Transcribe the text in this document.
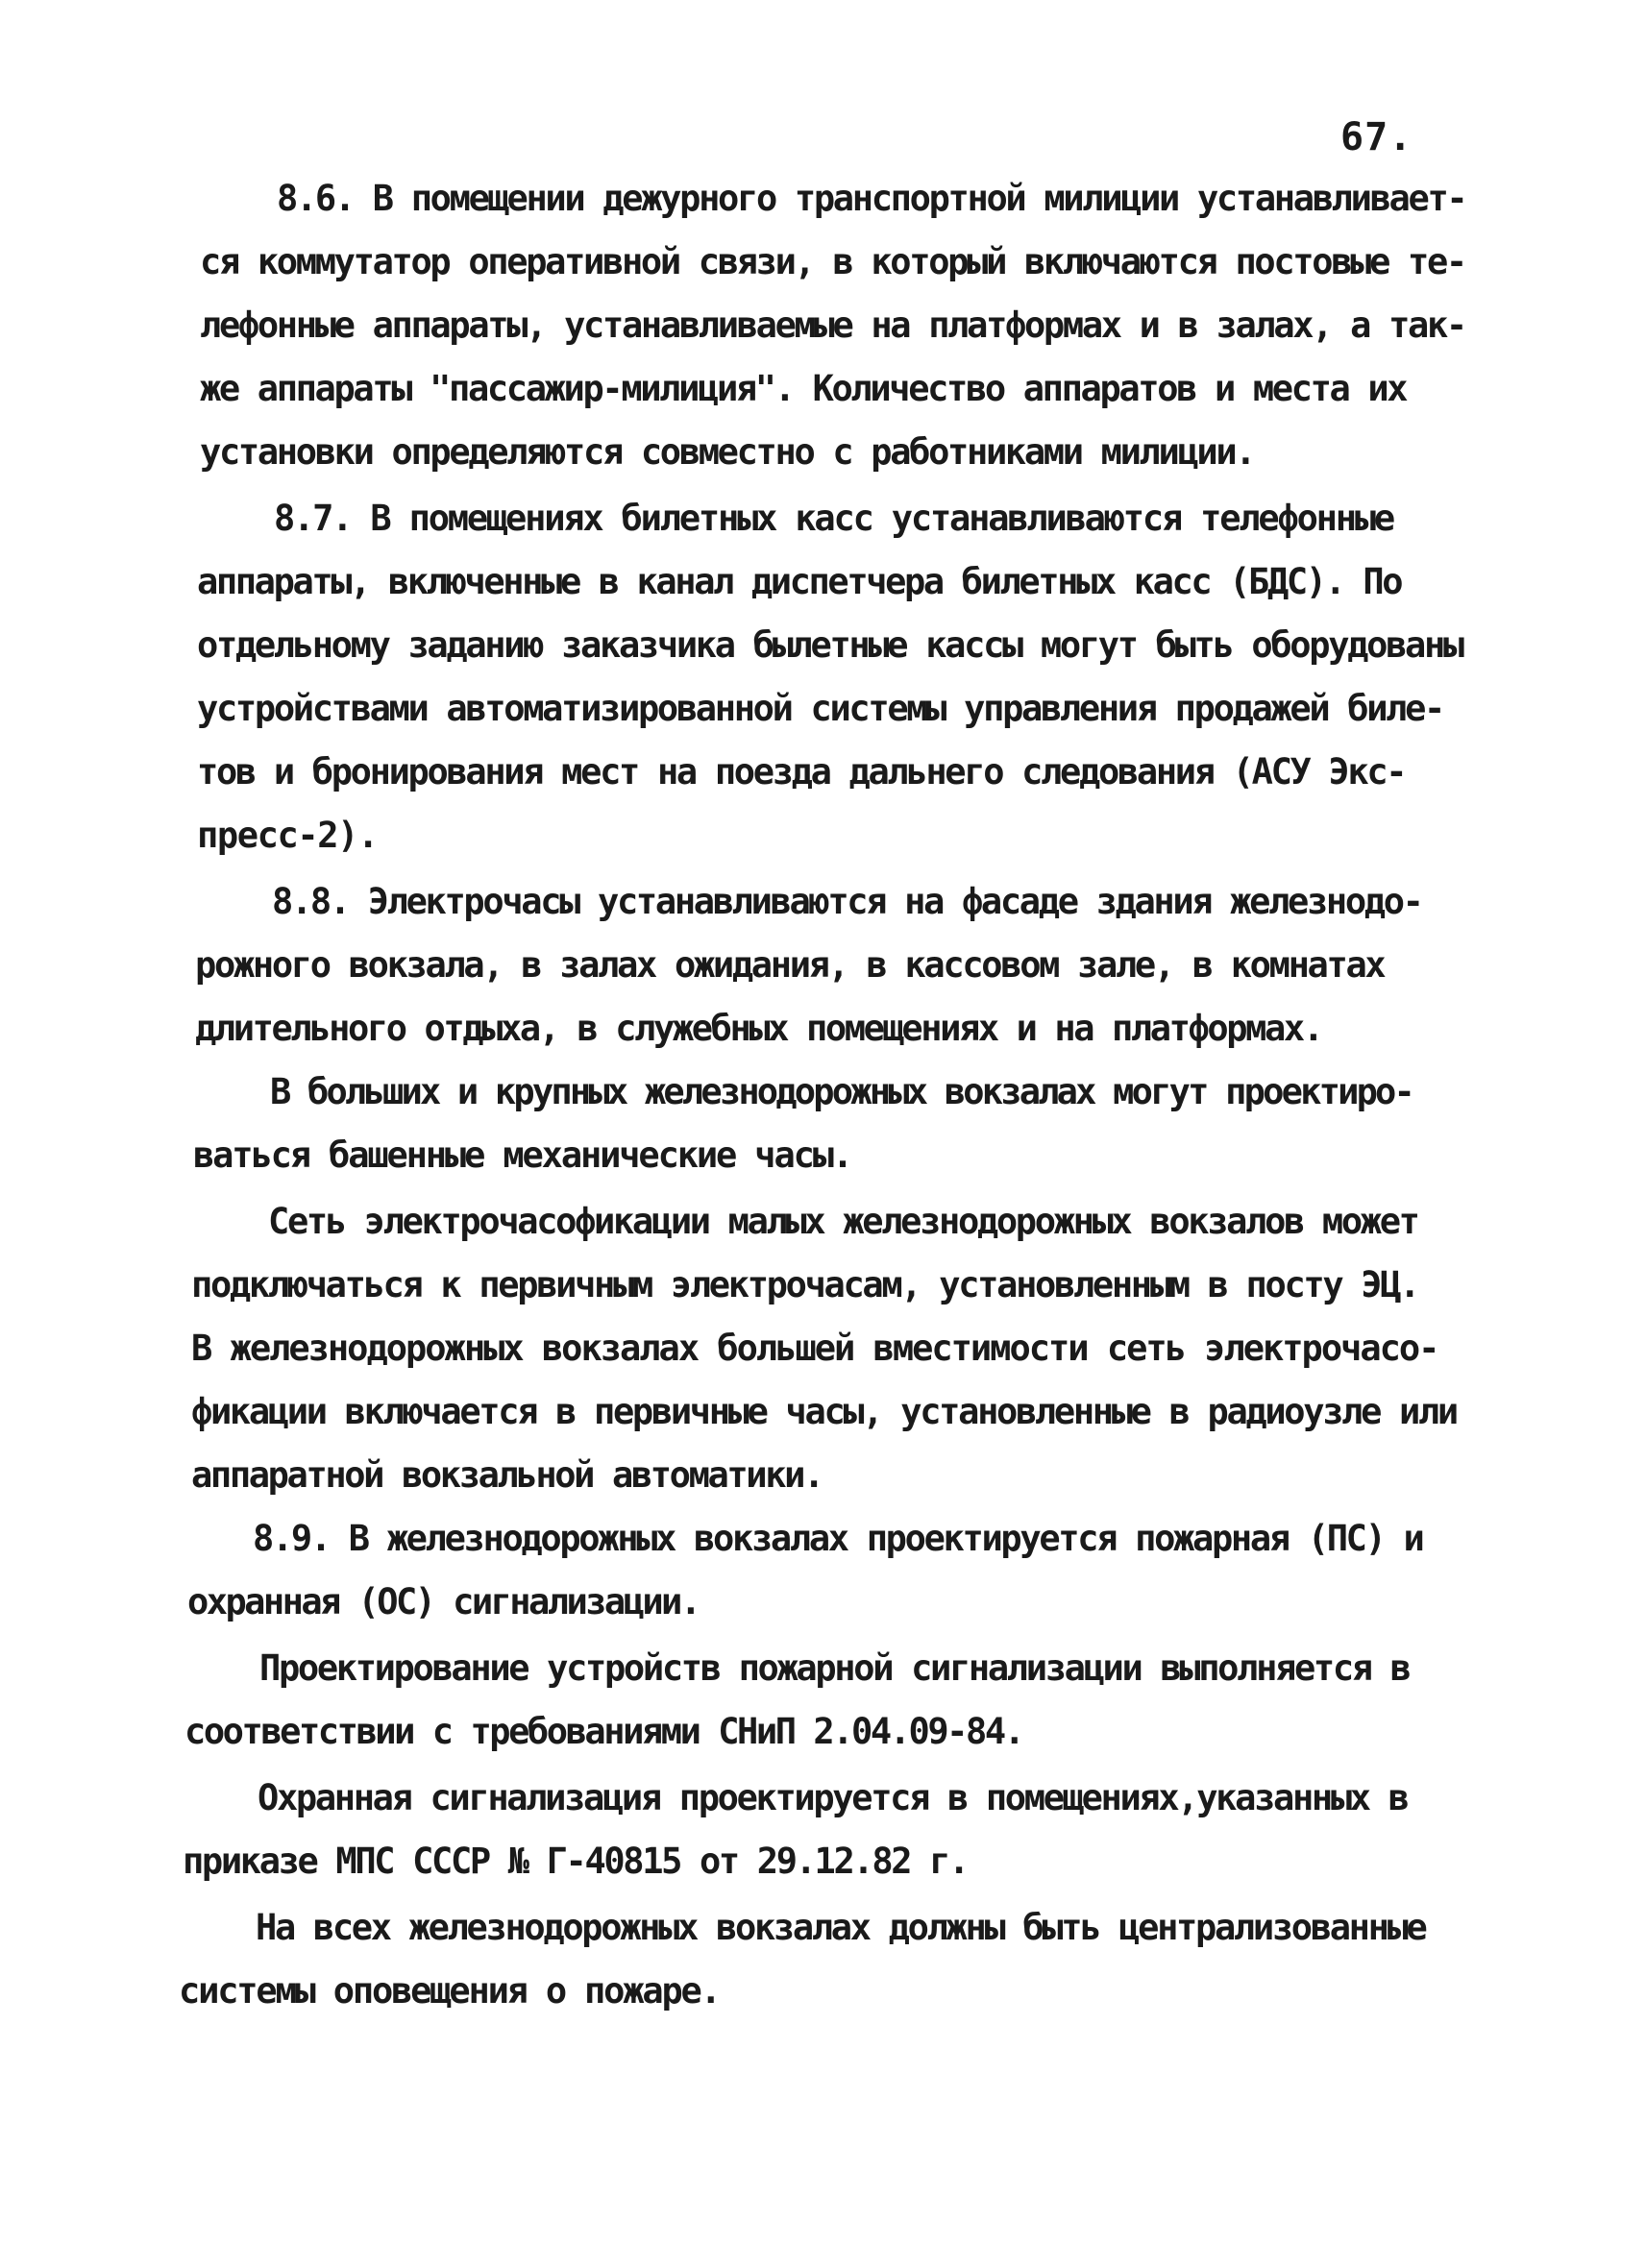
67.
8.6. В помещении дежурного транспортной милиции устанавливает-
ся коммутатор оперативной связи, в который включаются постовые те-
лефонные аппараты, устанавливаемые на платформах и в залах, а так-
же аппараты "пассажир-милиция". Количество аппаратов и места их
установки определяются совместно с работниками милиции.
8.7. В помещениях билетных касс устанавливаются телефонные
аппараты, включенные в канал диспетчера билетных касс (БДС). По
отдельному заданию заказчика былетные кассы могут быть оборудованы
устройствами автоматизированной системы управления продажей биле-
тов и бронирования мест на поезда дальнего следования (АСУ Экс-
пресс-2).
8.8. Электрочасы устанавливаются на фасаде здания железнодо-
рожного вокзала, в залах ожидания, в кассовом зале, в комнатах
длительного отдыха, в служебных помещениях и на платформах.
В больших и крупных железнодорожных вокзалах могут проектиро-
ваться башенные механические часы.
Сеть электрочасофикации малых железнодорожных вокзалов может
подключаться к первичным электрочасам, установленным в посту ЭЦ.
В железнодорожных вокзалах большей вместимости сеть электрочасо-
фикации включается в первичные часы, установленные в радиоузле или
аппаратной вокзальной автоматики.
8.9. В железнодорожных вокзалах проектируется пожарная (ПС) и
охранная (ОС) сигнализации.
Проектирование устройств пожарной сигнализации выполняется в
соответствии с требованиями СНиП 2.04.09-84.
Охранная сигнализация проектируется в помещениях,указанных в
приказе МПС СССР № Г-40815 от 29.12.82 г.
На всех железнодорожных вокзалах должны быть централизованные
системы оповещения о пожаре.
